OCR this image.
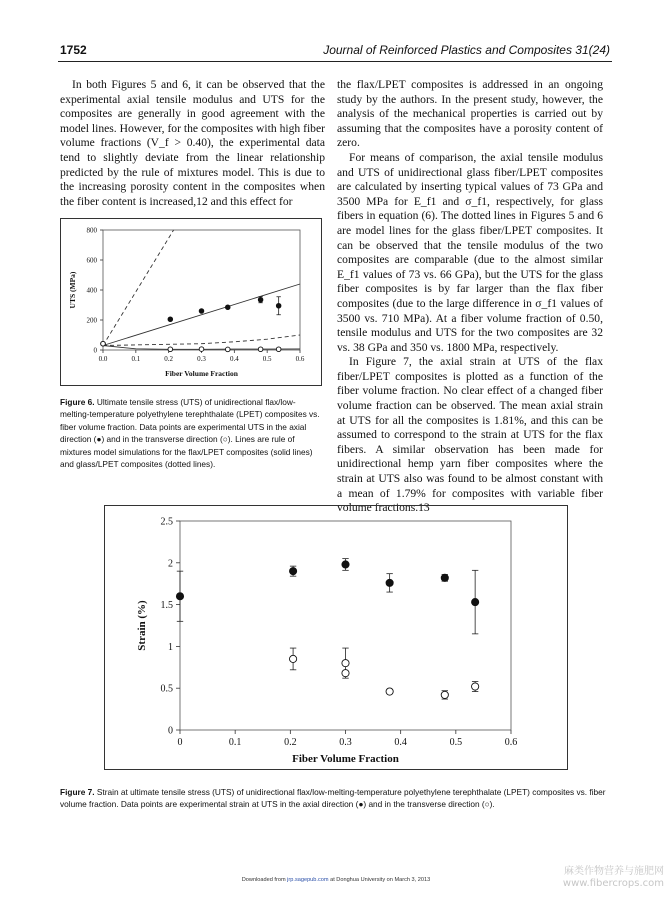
1752	Journal of Reinforced Plastics and Composites 31(24)

In both Figures 5 and 6, it can be observed that the experimental axial tensile modulus and UTS for the composites are generally in good agreement with the model lines. However, for the composites with high fiber volume fractions (V_f > 0.40), the experimental data tend to slightly deviate from the linear relationship predicted by the rule of mixtures model. This is due to the increasing porosity content in the composites when the fiber content is increased,12 and this effect for

the flax/LPET composites is addressed in an ongoing study by the authors. In the present study, however, the analysis of the mechanical properties is carried out by assuming that the composites have a porosity content of zero.

For means of comparison, the axial tensile modulus and UTS of unidirectional glass fiber/LPET composites are calculated by inserting typical values of 73 GPa and 3500 MPa for E_f1 and σ_f1, respectively, for glass fibers in equation (6). The dotted lines in Figures 5 and 6 are model lines for the glass fiber/LPET composites. It can be observed that the tensile modulus of the two composites are comparable (due to the almost similar E_f1 values of 73 vs. 66 GPa), but the UTS for the glass fiber composites is by far larger than the flax fiber composites (due to the large difference in σ_f1 values of 3500 vs. 710 MPa). At a fiber volume fraction of 0.50, tensile modulus and UTS for the two composites are 32 vs. 38 GPa and 350 vs. 1800 MPa, respectively.

In Figure 7, the axial strain at UTS of the flax fiber/LPET composites is plotted as a function of the fiber volume fraction. No clear effect of a changed fiber volume fraction can be observed. The mean axial strain at UTS for all the composites is 1.81%, and this can be assumed to correspond to the strain at UTS for the flax fibers. A similar observation has been made for unidirectional hemp yarn fiber composites where the strain at UTS also was found to be almost constant with a mean of 1.79% for composites with variable fiber volume fractions.13

0.0	0.1	0.2	0.3	0.4	0.5	0.6
0
200
400
600
800
Fiber Volume Fraction
UTS (MPa)
Figure 6. Ultimate tensile stress (UTS) of unidirectional flax/low-melting-temperature polyethylene terephthalate (LPET) composites vs. fiber volume fraction. Data points are experimental UTS in the axial direction (●) and in the transverse direction (○). Lines are rule of mixtures model simulations for the flax/LPET composites (solid lines) and glass/LPET composites (dotted lines).
0	0.1	0.2	0.3	0.4	0.5	0.6
0
0.5
1
1.5
2
2.5
Fiber Volume Fraction
Strain (%)
Figure 7. Strain at ultimate tensile stress (UTS) of unidirectional flax/low-melting-temperature polyethylene terephthalate (LPET) composites vs. fiber volume fraction. Data points are experimental strain at UTS in the axial direction (●) and in the transverse direction (○).
Downloaded from jrp.sagepub.com at Donghua University on March 3, 2013
麻类作物营养与施肥网
www.fibercrops.com
